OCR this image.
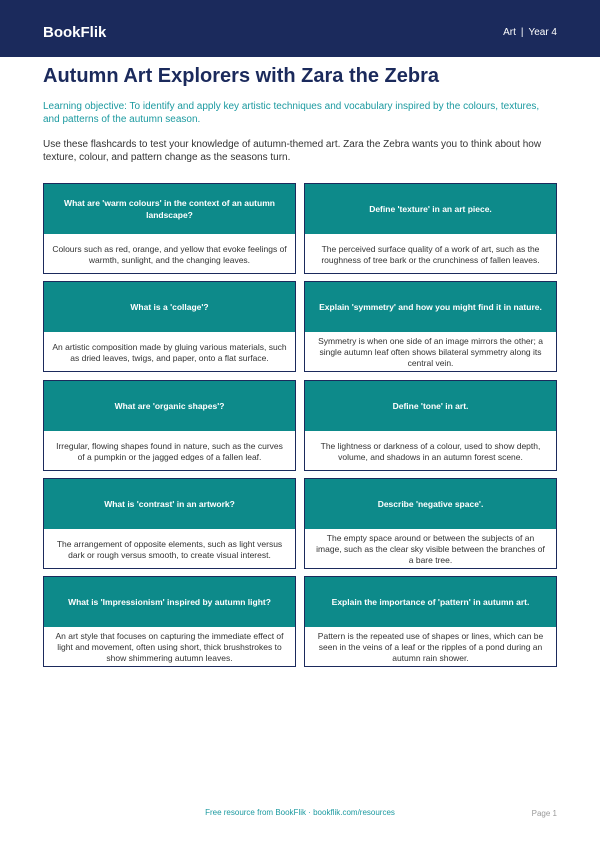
BookFlik	Art | Year 4
Autumn Art Explorers with Zara the Zebra

Learning objective: To identify and apply key artistic techniques and vocabulary inspired by the colours, textures, and patterns of the autumn season.

Use these flashcards to test your knowledge of autumn-themed art. Zara the Zebra wants you to think about how texture, colour, and pattern change as the seasons turn.

What are 'warm colours' in the context of an autumn landscape?
Colours such as red, orange, and yellow that evoke feelings of warmth, sunlight, and the changing leaves.
Define 'texture' in an art piece.
The perceived surface quality of a work of art, such as the roughness of tree bark or the crunchiness of fallen leaves.
What is a 'collage'?
An artistic composition made by gluing various materials, such as dried leaves, twigs, and paper, onto a flat surface.
Explain 'symmetry' and how you might find it in nature.
Symmetry is when one side of an image mirrors the other; a single autumn leaf often shows bilateral symmetry along its central vein.
What are 'organic shapes'?
Irregular, flowing shapes found in nature, such as the curves of a pumpkin or the jagged edges of a fallen leaf.
Define 'tone' in art.
The lightness or darkness of a colour, used to show depth, volume, and shadows in an autumn forest scene.
What is 'contrast' in an artwork?
The arrangement of opposite elements, such as light versus dark or rough versus smooth, to create visual interest.
Describe 'negative space'.
The empty space around or between the subjects of an image, such as the clear sky visible between the branches of a bare tree.
What is 'Impressionism' inspired by autumn light?
An art style that focuses on capturing the immediate effect of light and movement, often using short, thick brushstrokes to show shimmering autumn leaves.
Explain the importance of 'pattern' in autumn art.
Pattern is the repeated use of shapes or lines, which can be seen in the veins of a leaf or the ripples of a pond during an autumn rain shower.
Free resource from BookFlik · bookflik.com/resources	Page 1
